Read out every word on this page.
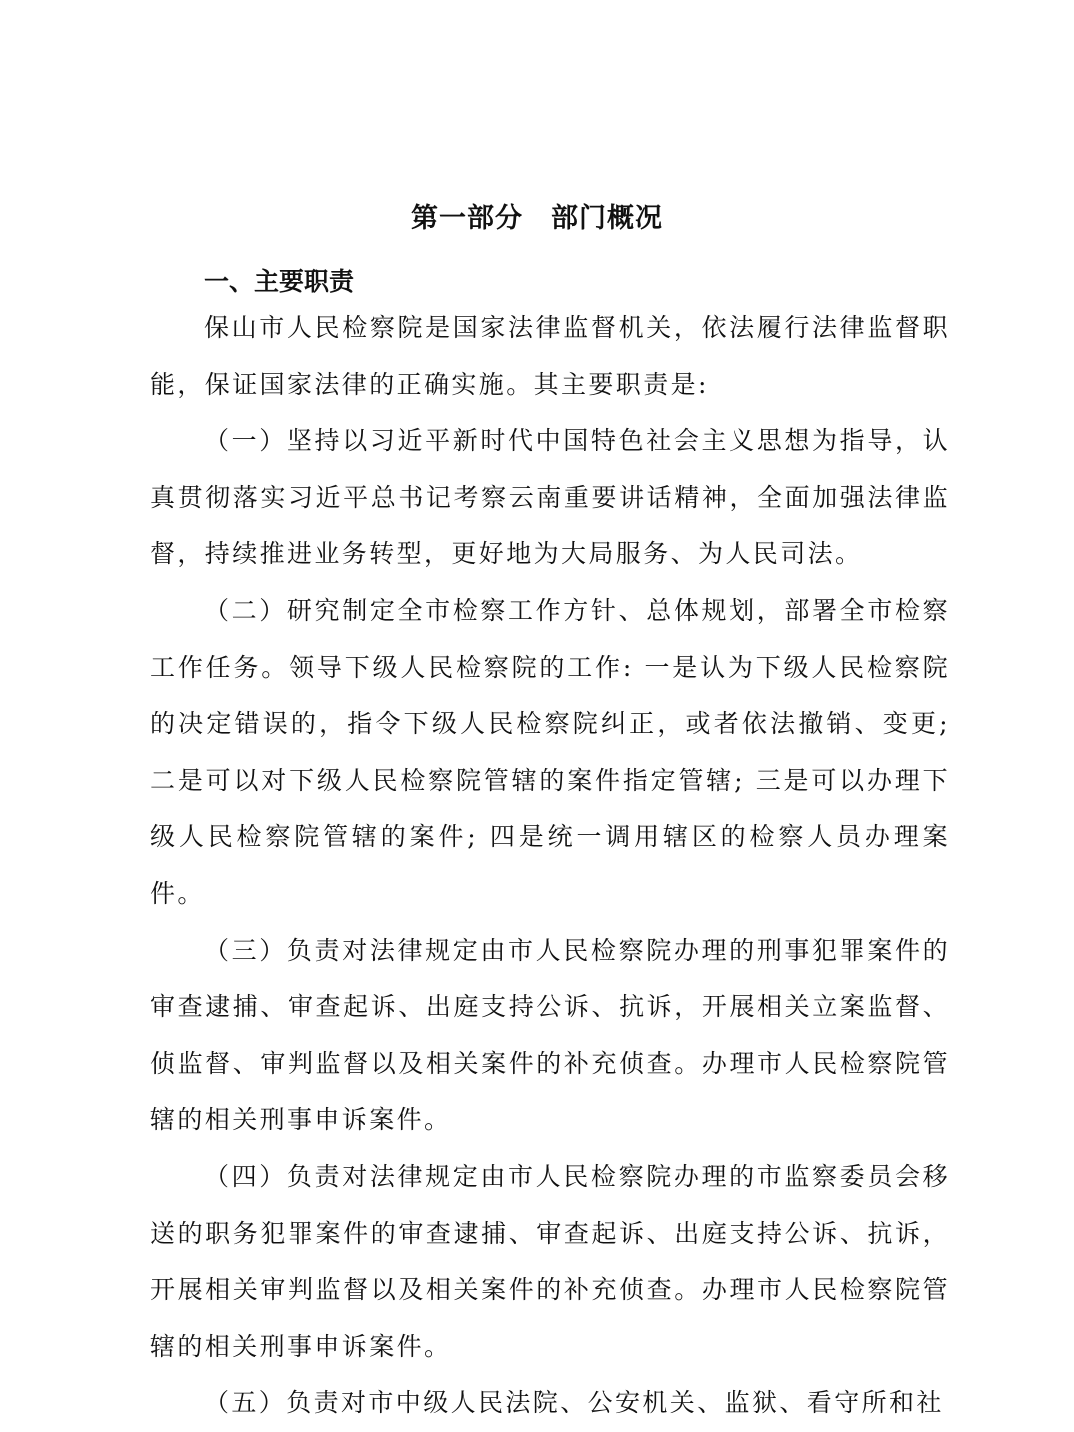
第一部分　部门概况
一、主要职责

保山市人民检察院是国家法律监督机关，依法履行法律监督职能，保证国家法律的正确实施。其主要职责是:

（一）坚持以习近平新时代中国特色社会主义思想为指导，认真贯彻落实习近平总书记考察云南重要讲话精神，全面加强法律监督，持续推进业务转型，更好地为大局服务、为人民司法。

（二）研究制定全市检察工作方针、总体规划，部署全市检察工作任务。领导下级人民检察院的工作: 一是认为下级人民检察院的决定错误的，指令下级人民检察院纠正，或者依法撤销、变更; 二是可以对下级人民检察院管辖的案件指定管辖; 三是可以办理下级人民检察院管辖的案件; 四是统一调用辖区的检察人员办理案件。

（三）负责对法律规定由市人民检察院办理的刑事犯罪案件的审查逮捕、审查起诉、出庭支持公诉、抗诉，开展相关立案监督、侦监督、审判监督以及相关案件的补充侦查。办理市人民检察院管辖的相关刑事申诉案件。

（四）负责对法律规定由市人民检察院办理的市监察委员会移送的职务犯罪案件的审查逮捕、审查起诉、出庭支持公诉、抗诉，开展相关审判监督以及相关案件的补充侦查。办理市人民检察院管辖的相关刑事申诉案件。

（五）负责对市中级人民法院、公安机关、监狱、看守所和社
